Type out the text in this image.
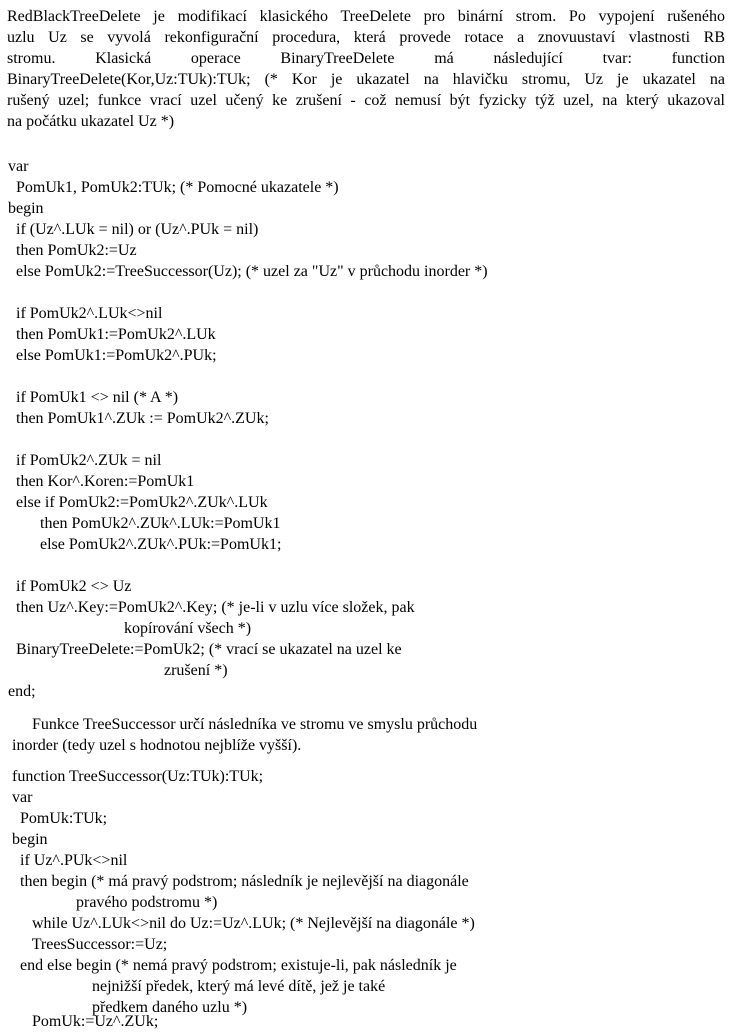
RedBlackTreeDelete je modifikací klasického TreeDelete pro binární strom. Po vypojení rušeného
uzlu Uz se vyvolá rekonfigurační procedura, která provede rotace a znovuustaví vlastnosti RB
stromu. Klasická operace BinaryTreeDelete má následující tvar: function
BinaryTreeDelete(Kor,Uz:TUk):TUk; (* Kor je ukazatel na hlavičku stromu, Uz je ukazatel na
rušený uzel; funkce vrací uzel učený ke zrušení - což nemusí být fyzicky týž uzel, na který ukazoval
na počátku ukazatel Uz *)
var
PomUk1, PomUk2:TUk; (* Pomocné ukazatele *)
begin
if (Uz^.LUk = nil) or (Uz^.PUk = nil)
then PomUk2:=Uz
else PomUk2:=TreeSuccessor(Uz); (* uzel za "Uz" v průchodu inorder *)
if PomUk2^.LUk<>nil
then PomUk1:=PomUk2^.LUk
else PomUk1:=PomUk2^.PUk;
if PomUk1 <> nil (* A *)
then PomUk1^.ZUk := PomUk2^.ZUk;
if PomUk2^.ZUk = nil
then Kor^.Koren:=PomUk1
else if PomUk2:=PomUk2^.ZUk^.LUk
then PomUk2^.ZUk^.LUk:=PomUk1
else PomUk2^.ZUk^.PUk:=PomUk1;
if PomUk2 <> Uz
then Uz^.Key:=PomUk2^.Key; (* je-li v uzlu více složek, pak
kopírování všech *)
BinaryTreeDelete:=PomUk2; (* vrací se ukazatel na uzel ke
zrušení *)
end;
Funkce TreeSuccessor určí následníka ve stromu ve smyslu průchodu
inorder (tedy uzel s hodnotou nejblíže vyšší).
function TreeSuccessor(Uz:TUk):TUk;
var
PomUk:TUk;
begin
if Uz^.PUk<>nil
then begin (* má pravý podstrom; následník je nejlevější na diagonále
pravého podstromu *)
while Uz^.LUk<>nil do Uz:=Uz^.LUk; (* Nejlevější na diagonále *)
TreesSuccessor:=Uz;
end else begin (* nemá pravý podstrom; existuje-li, pak následník je
nejnižší předek, který má levé dítě, jež je také
předkem daného uzlu *)
PomUk:=Uz^.ZUk;
